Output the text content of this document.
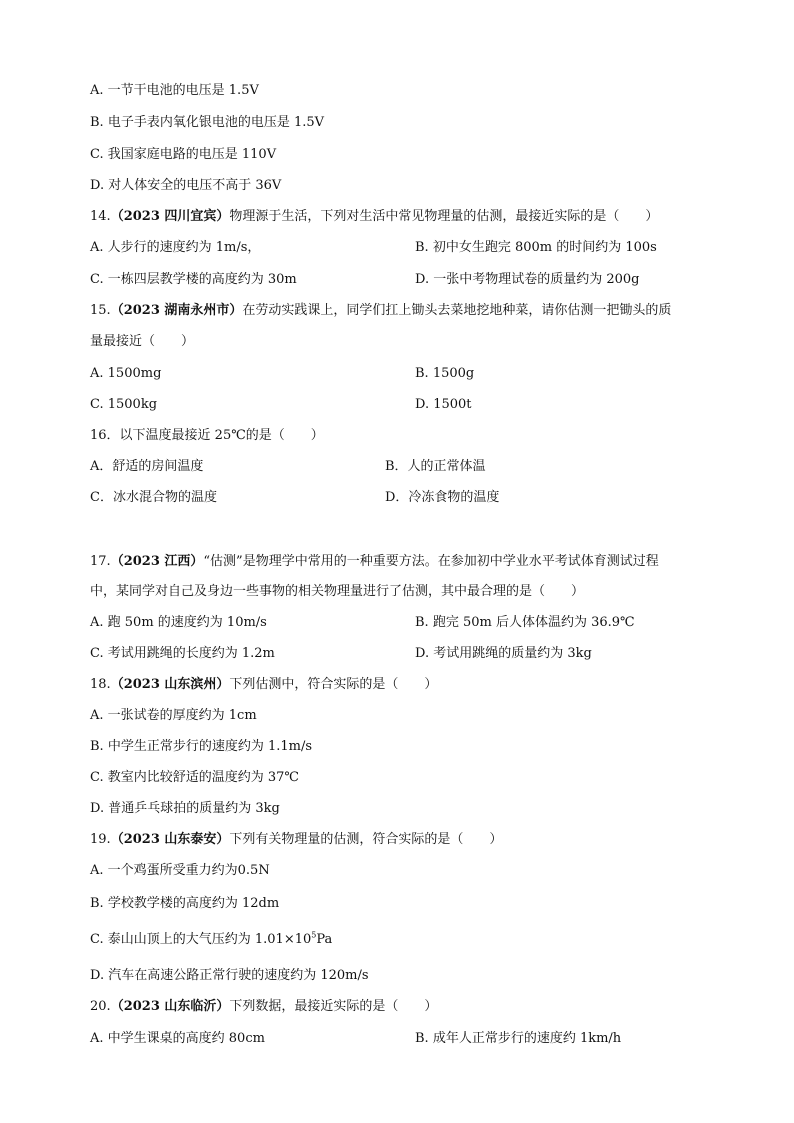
A. 一节干电池的电压是 1.5V
B. 电子手表内氧化银电池的电压是 1.5V
C. 我国家庭电路的电压是 110V
D. 对人体安全的电压不高于 36V
14.（2023 四川宜宾）物理源于生活，下列对生活中常见物理量的估测，最接近实际的是（　　）
A. 人步行的速度约为 1m/s，	B. 初中女生跑完 800m 的时间约为 100s
C. 一栋四层教学楼的高度约为 30m	D. 一张中考物理试卷的质量约为 200g
15.（2023 湖南永州市）在劳动实践课上，同学们扛上锄头去菜地挖地种菜，请你估测一把锄头的质
量最接近（　　）
A. 1500mg	B. 1500g
C. 1500kg	D. 1500t
16．以下温度最接近 25℃的是（　　）
A．舒适的房间温度	B．人的正常体温
C．冰水混合物的温度	D．冷冻食物的温度
17.（2023 江西）“估测”是物理学中常用的一种重要方法。在参加初中学业水平考试体育测试过程
中，某同学对自己及身边一些事物的相关物理量进行了估测，其中最合理的是（　　）
A. 跑 50m 的速度约为 10m/s	B. 跑完 50m 后人体体温约为 36.9℃
C. 考试用跳绳的长度约为 1.2m	D. 考试用跳绳的质量约为 3kg
18.（2023 山东滨州）下列估测中，符合实际的是（　　）
A. 一张试卷的厚度约为 1cm
B. 中学生正常步行的速度约为 1.1m/s
C. 教室内比较舒适的温度约为 37℃
D. 普通乒乓球拍的质量约为 3kg
19.（2023 山东泰安）下列有关物理量的估测，符合实际的是（　　）
A. 一个鸡蛋所受重力约为0.5N
B. 学校教学楼的高度约为 12dm
C. 泰山山顶上的大气压约为 $1.01\times 10^5Pa$
D. 汽车在高速公路正常行驶的速度约为 120m/s
20.（2023 山东临沂）下列数据，最接近实际的是（　　）
A. 中学生课桌的高度约 80cm	B. 成年人正常步行的速度约 1km/h
